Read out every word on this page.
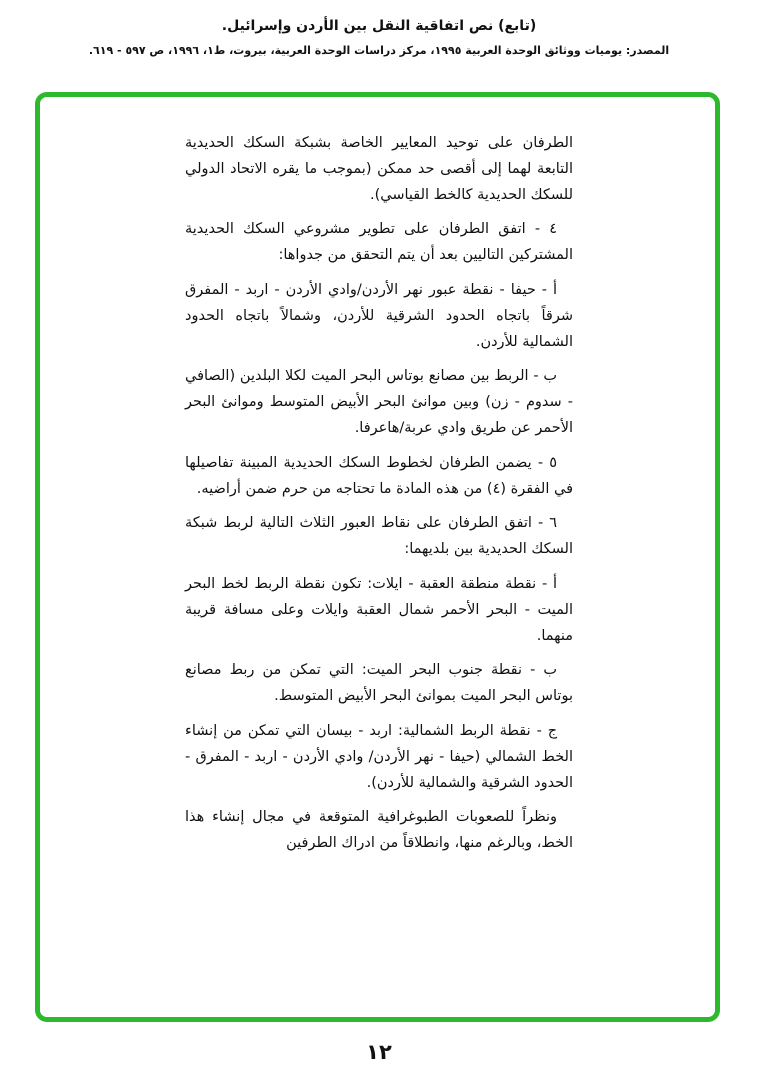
(تابع) نص اتفاقية النقل بين الأردن وإسرائيل.
المصدر: يوميات ووثائق الوحدة العربية ١٩٩٥، مركز دراسات الوحدة العربية، بيروت، ط١، ١٩٩٦، ص ٥٩٧ - ٦١٩.

الطرفان على توحيد المعايير الخاصة بشبكة السكك الحديدية التابعة لهما إلى أقصى حد ممكن (بموجب ما يقره الاتحاد الدولي للسكك الحديدية كالخط القياسي).

٤ - اتفق الطرفان على تطوير مشروعي السكك الحديدية المشتركين التاليين بعد أن يتم التحقق من جدواها:

أ - حيفا - نقطة عبور نهر الأردن/وادي الأردن - اربد - المفرق شرقاً باتجاه الحدود الشرقية للأردن، وشمالاً باتجاه الحدود الشمالية للأردن.

ب - الربط بين مصانع بوتاس البحر الميت لكلا البلدين (الصافي - سدوم - زن) وبين موانئ البحر الأبيض المتوسط وموانئ البحر الأحمر عن طريق وادي عربة/هاعرفا.

٥ - يضمن الطرفان لخطوط السكك الحديدية المبينة تفاصيلها في الفقرة (٤) من هذه المادة ما تحتاجه من حرم ضمن أراضيه.

٦ - اتفق الطرفان على نقاط العبور الثلاث التالية لربط شبكة السكك الحديدية بين بلديهما:

أ - نقطة منطقة العقبة - ايلات: تكون نقطة الربط لخط البحر الميت - البحر الأحمر شمال العقبة وايلات وعلى مسافة قريبة منهما.

ب - نقطة جنوب البحر الميت: التي تمكن من ربط مصانع بوتاس البحر الميت بموانئ البحر الأبيض المتوسط.

ج - نقطة الربط الشمالية: اربد - بيسان التي تمكن من إنشاء الخط الشمالي (حيفا - نهر الأردن/ وادي الأردن - اربد - المفرق - الحدود الشرقية والشمالية للأردن).

ونظراً للصعوبات الطبوغرافية المتوقعة في مجال إنشاء هذا الخط، وبالرغم منها، وانطلاقاً من ادراك الطرفين

١٢
